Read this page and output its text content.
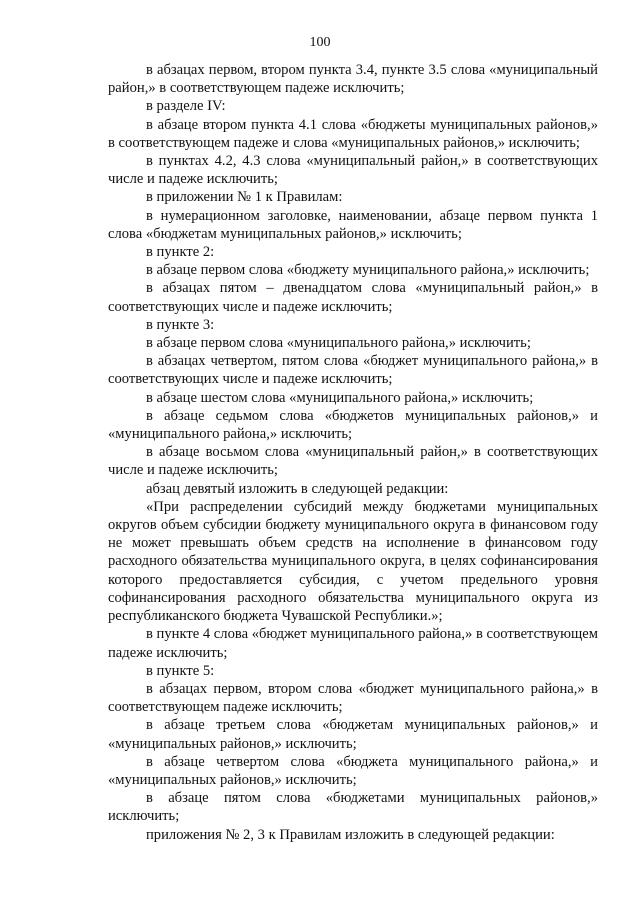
100

в абзацах первом, втором пункта 3.4, пункте 3.5 слова «муниципальный район,» в соответствующем падеже исключить;

в разделе IV:

в абзаце втором пункта 4.1 слова «бюджеты муниципальных районов,» в соответствующем падеже и слова «муниципальных районов,» исключить;

в пунктах 4.2, 4.3 слова «муниципальный район,» в соответствующих числе и падеже исключить;

в приложении № 1 к Правилам:

в нумерационном заголовке, наименовании, абзаце первом пункта 1 слова «бюджетам муниципальных районов,» исключить;

в пункте 2:

в абзаце первом слова «бюджету муниципального района,» исключить;

в абзацах пятом – двенадцатом слова «муниципальный район,» в соответствующих числе и падеже исключить;

в пункте 3:

в абзаце первом слова «муниципального района,» исключить;

в абзацах четвертом, пятом слова «бюджет муниципального района,» в соответствующих числе и падеже исключить;

в абзаце шестом слова «муниципального района,» исключить;

в абзаце седьмом слова «бюджетов муниципальных районов,» и «муниципального района,» исключить;

в абзаце восьмом слова «муниципальный район,» в соответствующих числе и падеже исключить;

абзац девятый изложить в следующей редакции:

«При распределении субсидий между бюджетами муниципальных округов объем субсидии бюджету муниципального округа в финансовом году не может превышать объем средств на исполнение в финансовом году расходного обязательства муниципального округа, в целях софинансирования которого предоставляется субсидия, с учетом предельного уровня софинансирования расходного обязательства муниципального округа из республиканского бюджета Чувашской Республики.»;

в пункте 4 слова «бюджет муниципального района,» в соответствующем падеже исключить;

в пункте 5:

в абзацах первом, втором слова «бюджет муниципального района,» в соответствующем падеже исключить;

в абзаце третьем слова «бюджетам муниципальных районов,» и «муниципальных районов,» исключить;

в абзаце четвертом слова «бюджета муниципального района,» и «муниципальных районов,» исключить;

в абзаце пятом слова «бюджетами муниципальных районов,» исключить;

приложения № 2, 3 к Правилам изложить в следующей редакции:
